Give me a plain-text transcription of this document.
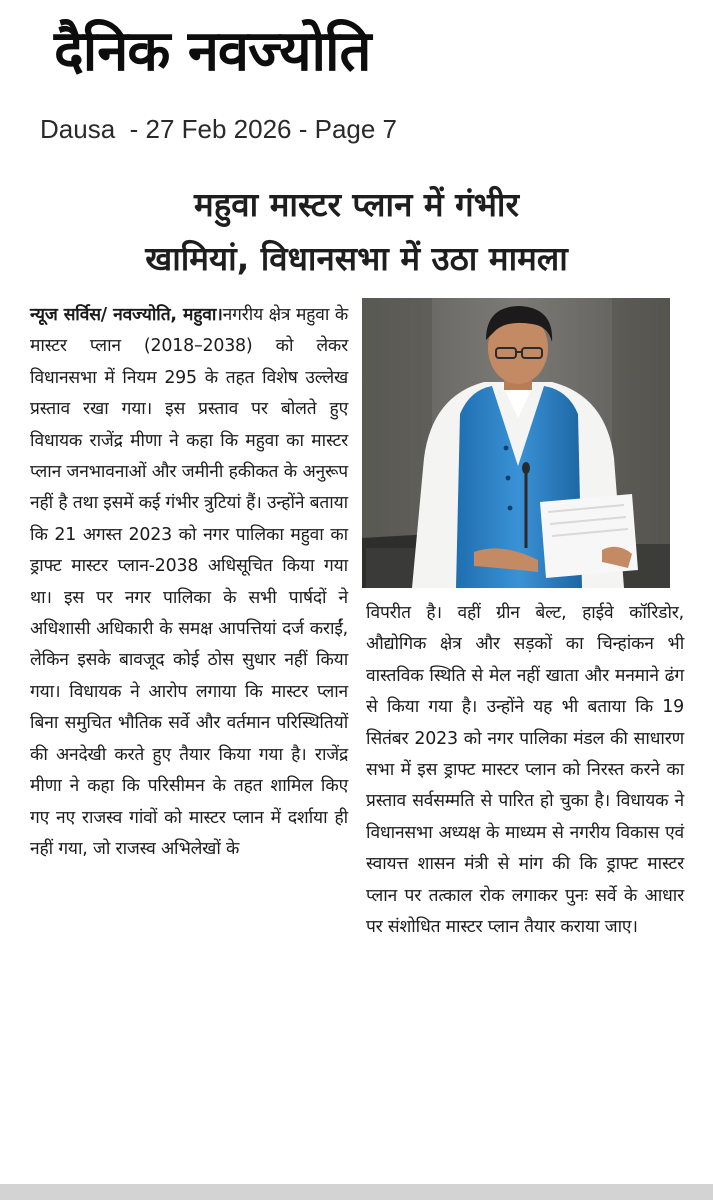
दैनिक नवज्योति
Dausa  - 27 Feb 2026 - Page 7
महुवा मास्टर प्लान में गंभीर
खामियां, विधानसभा में उठा मामला
न्यूज सर्विस/ नवज्योति, महुवा।नगरीय क्षेत्र महुवा के मास्टर प्लान (2018–2038) को लेकर विधानसभा में नियम 295 के तहत विशेष उल्लेख प्रस्ताव रखा गया। इस प्रस्ताव पर बोलते हुए विधायक राजेंद्र मीणा ने कहा कि महुवा का मास्टर प्लान जनभावनाओं और जमीनी हकीकत के अनुरूप नहीं है तथा इसमें कई गंभीर त्रुटियां हैं। उन्होंने बताया कि 21 अगस्त 2023 को नगर पालिका महुवा का ड्राफ्ट मास्टर प्लान-2038 अधिसूचित किया गया था। इस पर नगर पालिका के सभी पार्षदों ने अधिशासी अधिकारी के समक्ष आपत्तियां दर्ज कराईं, लेकिन इसके बावजूद कोई ठोस सुधार नहीं किया गया। विधायक ने आरोप लगाया कि मास्टर प्लान बिना समुचित भौतिक सर्वे और वर्तमान परिस्थितियों की अनदेखी करते हुए तैयार किया गया है। राजेंद्र मीणा ने कहा कि परिसीमन के तहत शामिल किए गए नए राजस्व गांवों को मास्टर प्लान में दर्शाया ही नहीं गया, जो राजस्व अभिलेखों के
विपरीत है। वहीं ग्रीन बेल्ट, हाईवे कॉरिडोर, औद्योगिक क्षेत्र और सड़कों का चिन्हांकन भी वास्तविक स्थिति से मेल नहीं खाता और मनमाने ढंग से किया गया है। उन्होंने यह भी बताया कि 19 सितंबर 2023 को नगर पालिका मंडल की साधारण सभा में इस ड्राफ्ट मास्टर प्लान को निरस्त करने का प्रस्ताव सर्वसम्मति से पारित हो चुका है। विधायक ने विधानसभा अध्यक्ष के माध्यम से नगरीय विकास एवं स्वायत्त शासन मंत्री से मांग की कि ड्राफ्ट मास्टर प्लान पर तत्काल रोक लगाकर पुनः सर्वे के आधार पर संशोधित मास्टर प्लान तैयार कराया जाए।
